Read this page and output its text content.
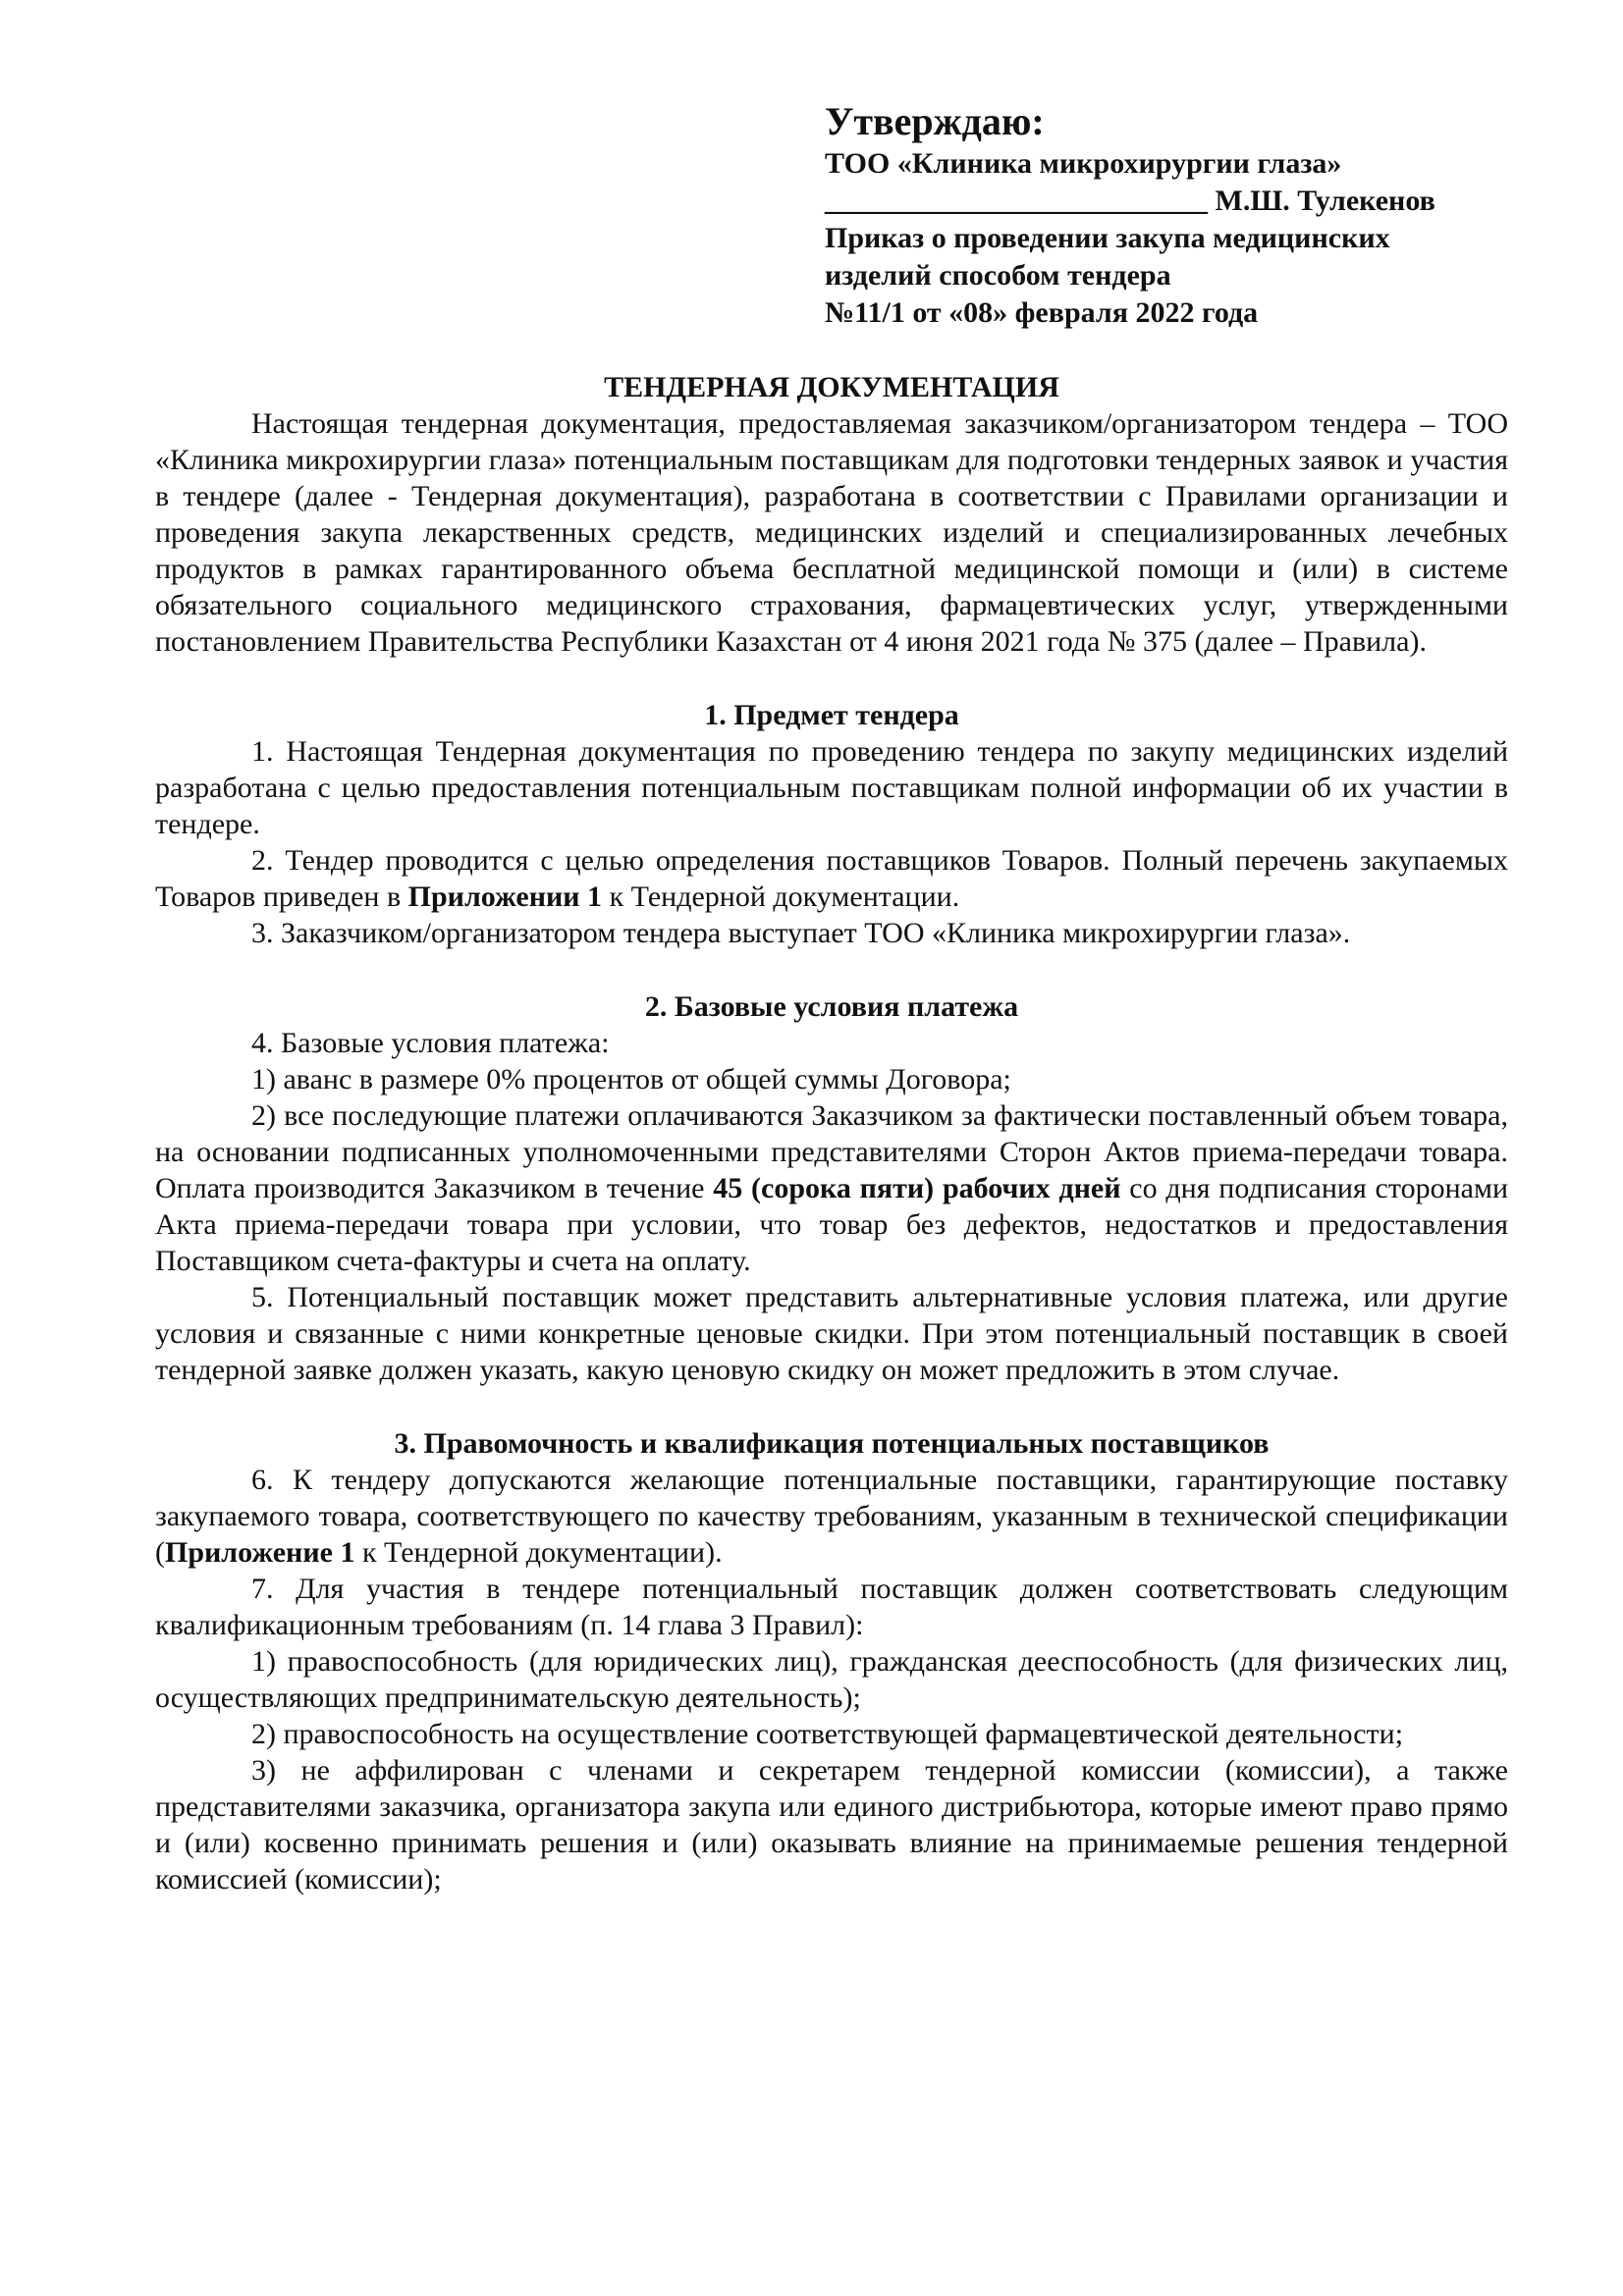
Утверждаю:
ТОО «Клиника микрохирургии глаза»
__________________________ М.Ш. Тулекенов
Приказ о проведении закупа медицинских
изделий способом тендера
№11/1 от «08» февраля 2022 года

ТЕНДЕРНАЯ ДОКУМЕНТАЦИЯ

Настоящая тендерная документация, предоставляемая заказчиком/организатором тендера – ТОО «Клиника микрохирургии глаза» потенциальным поставщикам для подготовки тендерных заявок и участия в тендере (далее - Тендерная документация), разработана в соответствии с Правилами организации и проведения закупа лекарственных средств, медицинских изделий и специализированных лечебных продуктов в рамках гарантированного объема бесплатной медицинской помощи и (или) в системе обязательного социального медицинского страхования, фармацевтических услуг, утвержденными постановлением Правительства Республики Казахстан от 4 июня 2021 года № 375 (далее – Правила).

1. Предмет тендера

1. Настоящая Тендерная документация по проведению тендера по закупу медицинских изделий разработана с целью предоставления потенциальным поставщикам полной информации об их участии в тендере.

2. Тендер проводится с целью определения поставщиков Товаров. Полный перечень закупаемых Товаров приведен в Приложении 1 к Тендерной документации.

3. Заказчиком/организатором тендера выступает ТОО «Клиника микрохирургии глаза».

2. Базовые условия платежа

4. Базовые условия платежа:

1) аванс в размере 0% процентов от общей суммы Договора;

2) все последующие платежи оплачиваются Заказчиком за фактически поставленный объем товара, на основании подписанных уполномоченными представителями Сторон Актов приема-передачи товара. Оплата производится Заказчиком в течение 45 (сорока пяти) рабочих дней со дня подписания сторонами Акта приема-передачи товара при условии, что товар без дефектов, недостатков и предоставления Поставщиком счета-фактуры и счета на оплату.

5. Потенциальный поставщик может представить альтернативные условия платежа, или другие условия и связанные с ними конкретные ценовые скидки. При этом потенциальный поставщик в своей тендерной заявке должен указать, какую ценовую скидку он может предложить в этом случае.

3. Правомочность и квалификация потенциальных поставщиков

6. К тендеру допускаются желающие потенциальные поставщики, гарантирующие поставку закупаемого товара, соответствующего по качеству требованиям, указанным в технической спецификации (Приложение 1 к Тендерной документации).

7. Для участия в тендере потенциальный поставщик должен соответствовать следующим квалификационным требованиям (п. 14 глава 3 Правил):

1) правоспособность (для юридических лиц), гражданская дееспособность (для физических лиц, осуществляющих предпринимательскую деятельность);

2) правоспособность на осуществление соответствующей фармацевтической деятельности;

3) не аффилирован с членами и секретарем тендерной комиссии (комиссии), а также представителями заказчика, организатора закупа или единого дистрибьютора, которые имеют право прямо и (или) косвенно принимать решения и (или) оказывать влияние на принимаемые решения тендерной комиссией (комиссии);
